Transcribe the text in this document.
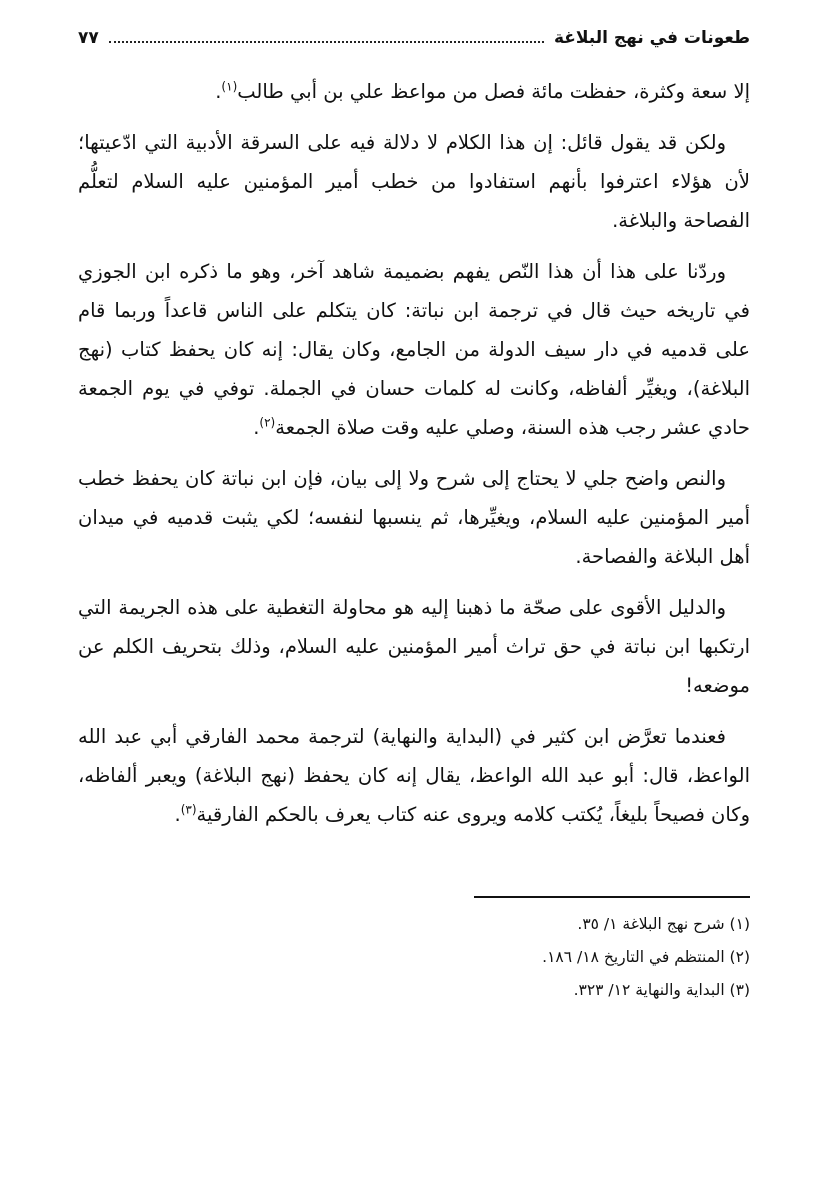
طعونات في نهج البلاغة
٧٧

إلا سعة وكثرة، حفظت مائة فصل من مواعظ علي بن أبي طالب$^{(١)}$.

ولكن قد يقول قائل: إن هذا الكلام لا دلالة فيه على السرقة الأدبية التي ادّعيتها؛ لأن هؤلاء اعترفوا بأنهم استفادوا من خطب أمير المؤمنين عليه السلام لتعلُّم الفصاحة والبلاغة.

وردّنا على هذا أن هذا النّص يفهم بضميمة شاهد آخر، وهو ما ذكره ابن الجوزي في تاريخه حيث قال في ترجمة ابن نباتة: كان يتكلم على الناس قاعداً وربما قام على قدميه في دار سيف الدولة من الجامع، وكان يقال: إنه كان يحفظ كتاب (نهج البلاغة)، ويغيِّر ألفاظه، وكانت له كلمات حسان في الجملة. توفي في يوم الجمعة حادي عشر رجب هذه السنة، وصلي عليه وقت صلاة الجمعة$^{(٢)}$.

والنص واضح جلي لا يحتاج إلى شرح ولا إلى بيان، فإن ابن نباتة كان يحفظ خطب أمير المؤمنين عليه السلام، ويغيِّرها، ثم ينسبها لنفسه؛ لكي يثبت قدميه في ميدان أهل البلاغة والفصاحة.

والدليل الأقوى على صحّة ما ذهبنا إليه هو محاولة التغطية على هذه الجريمة التي ارتكبها ابن نباتة في حق تراث أمير المؤمنين عليه السلام، وذلك بتحريف الكلم عن موضعه!

فعندما تعرَّض ابن كثير في (البداية والنهاية) لترجمة محمد الفارقي أبي عبد الله الواعظ، قال: أبو عبد الله الواعظ، يقال إنه كان يحفظ (نهج البلاغة) ويعبر ألفاظه، وكان فصيحاً بليغاً، يُكتب كلامه ويروى عنه كتاب يعرف بالحكم الفارقية$^{(٣)}$.

(١) شرح نهج البلاغة ١/ ٣٥.
(٢) المنتظم في التاريخ ١٨/ ١٨٦.
(٣) البداية والنهاية ١٢/ ٣٢٣.
